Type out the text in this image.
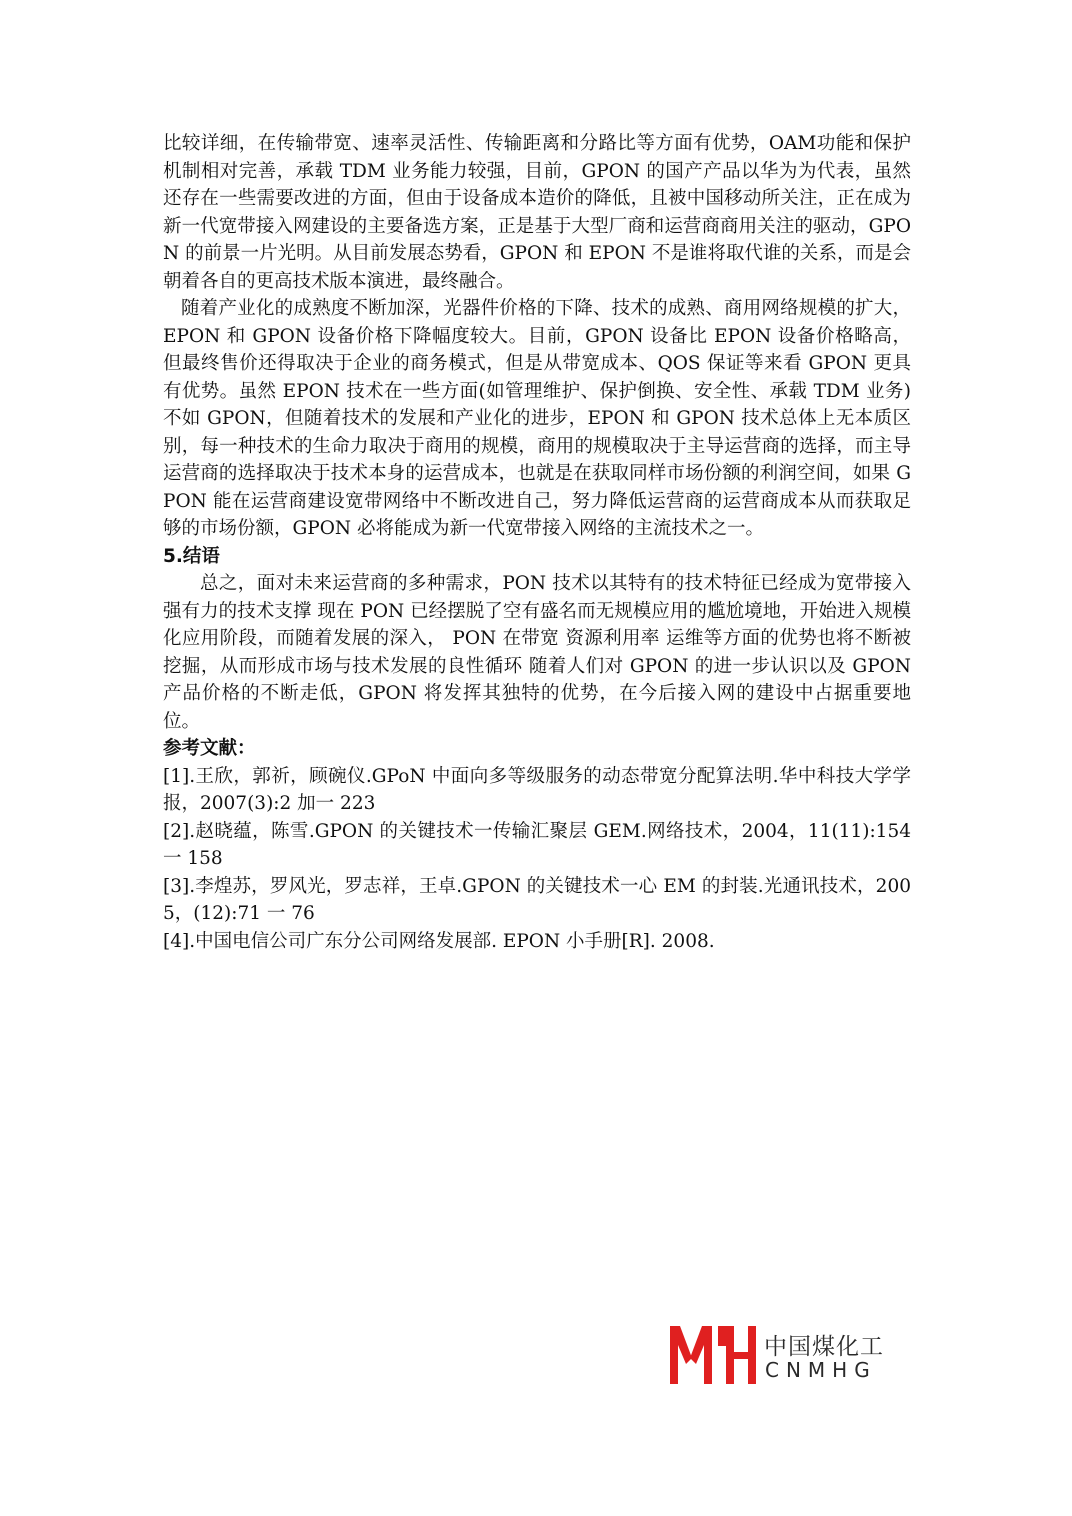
比较详细，在传输带宽、速率灵活性、传输距离和分路比等方面有优势，OAM功能和保护机制相对完善，承载 TDM 业务能力较强，目前，GPON 的国产产品以华为为代表，虽然还存在一些需要改进的方面，但由于设备成本造价的降低，且被中国移动所关注，正在成为新一代宽带接入网建设的主要备选方案，正是基于大型厂商和运营商商用关注的驱动，GPON 的前景一片光明。从目前发展态势看，GPON 和 EPON 不是谁将取代谁的关系，而是会朝着各自的更高技术版本演进，最终融合。

随着产业化的成熟度不断加深，光器件价格的下降、技术的成熟、商用网络规模的扩大，EPON 和 GPON 设备价格下降幅度较大。目前，GPON 设备比 EPON 设备价格略高，但最终售价还得取决于企业的商务模式，但是从带宽成本、QOS 保证等来看 GPON 更具有优势。虽然 EPON 技术在一些方面(如管理维护、保护倒换、安全性、承载 TDM 业务)不如 GPON，但随着技术的发展和产业化的进步，EPON 和 GPON 技术总体上无本质区别，每一种技术的生命力取决于商用的规模，商用的规模取决于主导运营商的选择，而主导运营商的选择取决于技术本身的运营成本，也就是在获取同样市场份额的利润空间，如果 GPON 能在运营商建设宽带网络中不断改进自己，努力降低运营商的运营商成本从而获取足够的市场份额，GPON 必将能成为新一代宽带接入网络的主流技术之一。

5.结语

总之，面对未来运营商的多种需求，PON 技术以其特有的技术特征已经成为宽带接入强有力的技术支撑 现在 PON 已经摆脱了空有盛名而无规模应用的尴尬境地，开始进入规模化应用阶段，而随着发展的深入， PON 在带宽 资源利用率 运维等方面的优势也将不断被挖掘，从而形成市场与技术发展的良性循环 随着人们对 GPON 的进一步认识以及 GPON 产品价格的不断走低，GPON 将发挥其独特的优势，在今后接入网的建设中占据重要地位。

参考文献：

[1].王欣，郭祈，顾碗仪.GPoN 中面向多等级服务的动态带宽分配算法明.华中科技大学学报，2007(3):2 加一 223

[2].赵晓蕴，陈雪.GPON 的关键技术一传输汇聚层 GEM.网络技术，2004，11(11):154 一 158

[3].李煌苏，罗风光，罗志祥，王卓.GPON 的关键技术一心 EM 的封装.光通讯技术，2005，(12):71 一 76

[4].中国电信公司广东分公司网络发展部. EPON 小手册[R]. 2008.

中国煤化工
CNMHG
